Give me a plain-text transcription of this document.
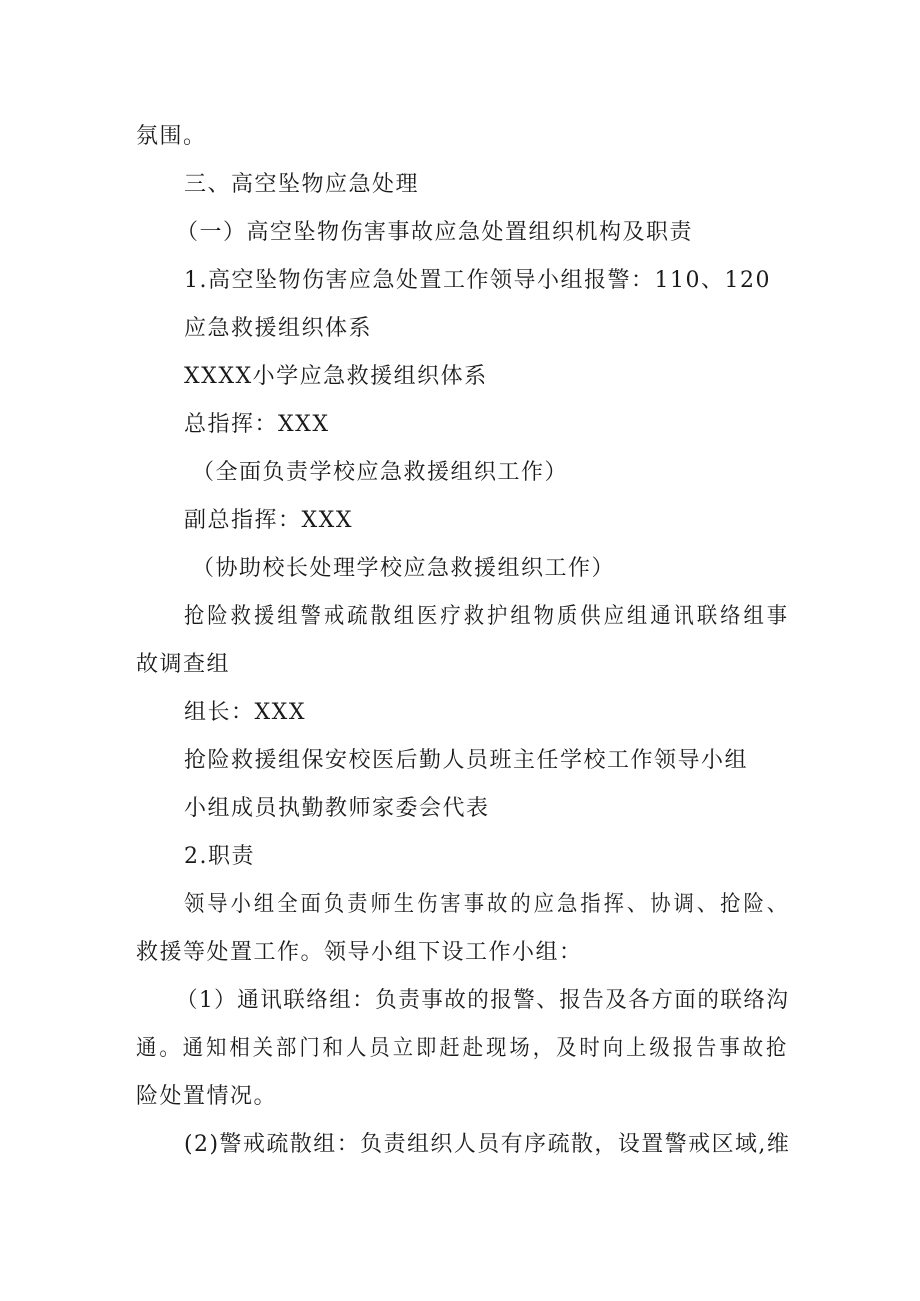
氛围。
三、高空坠物应急处理
（一）高空坠物伤害事故应急处置组织机构及职责
1.高空坠物伤害应急处置工作领导小组报警：110、120
应急救援组织体系
XXXX小学应急救援组织体系
总指挥：XXX
（全面负责学校应急救援组织工作）
副总指挥：XXX
（协助校长处理学校应急救援组织工作）
抢险救援组警戒疏散组医疗救护组物质供应组通讯联络组事
故调查组
组长：XXX
抢险救援组保安校医后勤人员班主任学校工作领导小组
小组成员执勤教师家委会代表
2.职责
领导小组全面负责师生伤害事故的应急指挥、协调、抢险、
救援等处置工作。领导小组下设工作小组：
（1）通讯联络组：负责事故的报警、报告及各方面的联络沟
通。通知相关部门和人员立即赶赴现场，及时向上级报告事故抢
险处置情况。
(2)警戒疏散组：负责组织人员有序疏散，设置警戒区域,维
